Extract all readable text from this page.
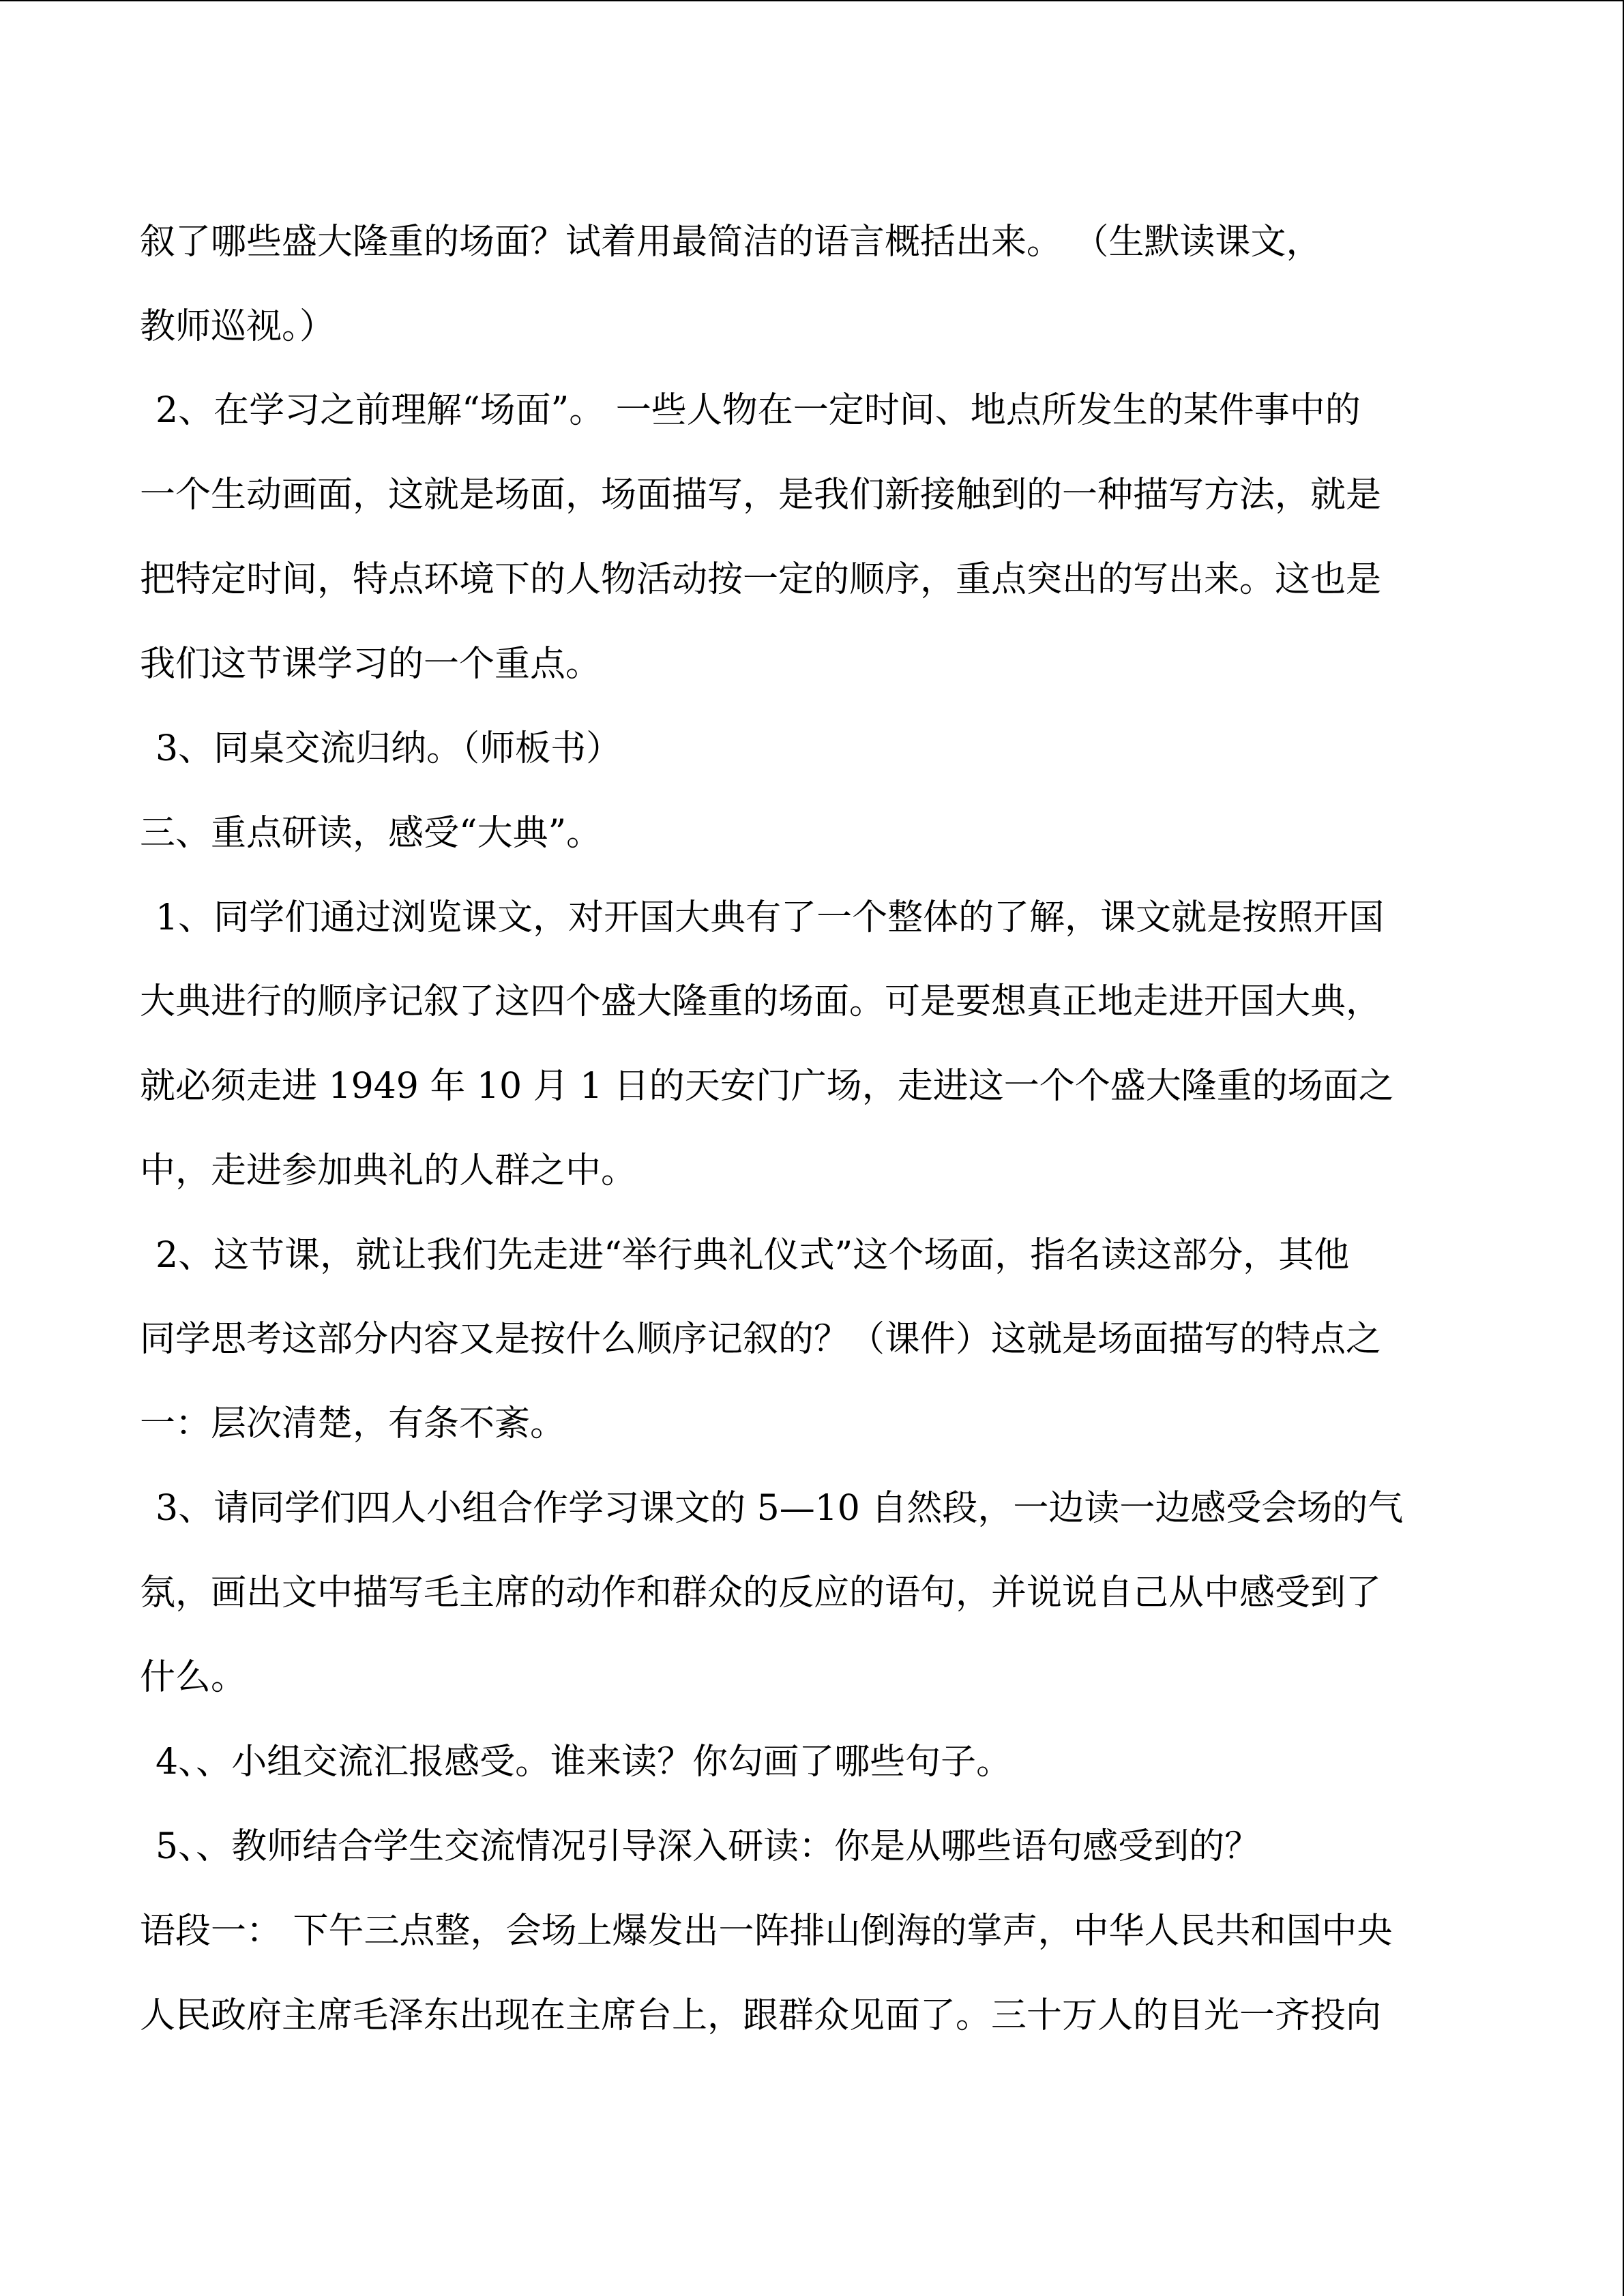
叙了哪些盛大隆重的场面？试着用最简洁的语言概括出来。 （生默读课文，
教师巡视。）
2、在学习之前理解“场面”。 一些人物在一定时间、地点所发生的某件事中的
一个生动画面，这就是场面，场面描写，是我们新接触到的一种描写方法，就是
把特定时间，特点环境下的人物活动按一定的顺序，重点突出的写出来。这也是
我们这节课学习的一个重点。
3、同桌交流归纳。（师板书）
三、重点研读，感受“大典”。
1、同学们通过浏览课文，对开国大典有了一个整体的了解，课文就是按照开国
大典进行的顺序记叙了这四个盛大隆重的场面。可是要想真正地走进开国大典，
就必须走进 1949 年 10 月 1 日的天安门广场，走进这一个个盛大隆重的场面之
中，走进参加典礼的人群之中。
2、这节课，就让我们先走进“举行典礼仪式”这个场面，指名读这部分，其他
同学思考这部分内容又是按什么顺序记叙的？（课件）这就是场面描写的特点之
一：层次清楚，有条不紊。
3、请同学们四人小组合作学习课文的 5—10 自然段，一边读一边感受会场的气
氛，画出文中描写毛主席的动作和群众的反应的语句，并说说自己从中感受到了
什么。
4、、小组交流汇报感受。谁来读？你勾画了哪些句子。
5、、教师结合学生交流情况引导深入研读：你是从哪些语句感受到的？
语段一： 下午三点整，会场上爆发出一阵排山倒海的掌声，中华人民共和国中央
人民政府主席毛泽东出现在主席台上，跟群众见面了。三十万人的目光一齐投向
